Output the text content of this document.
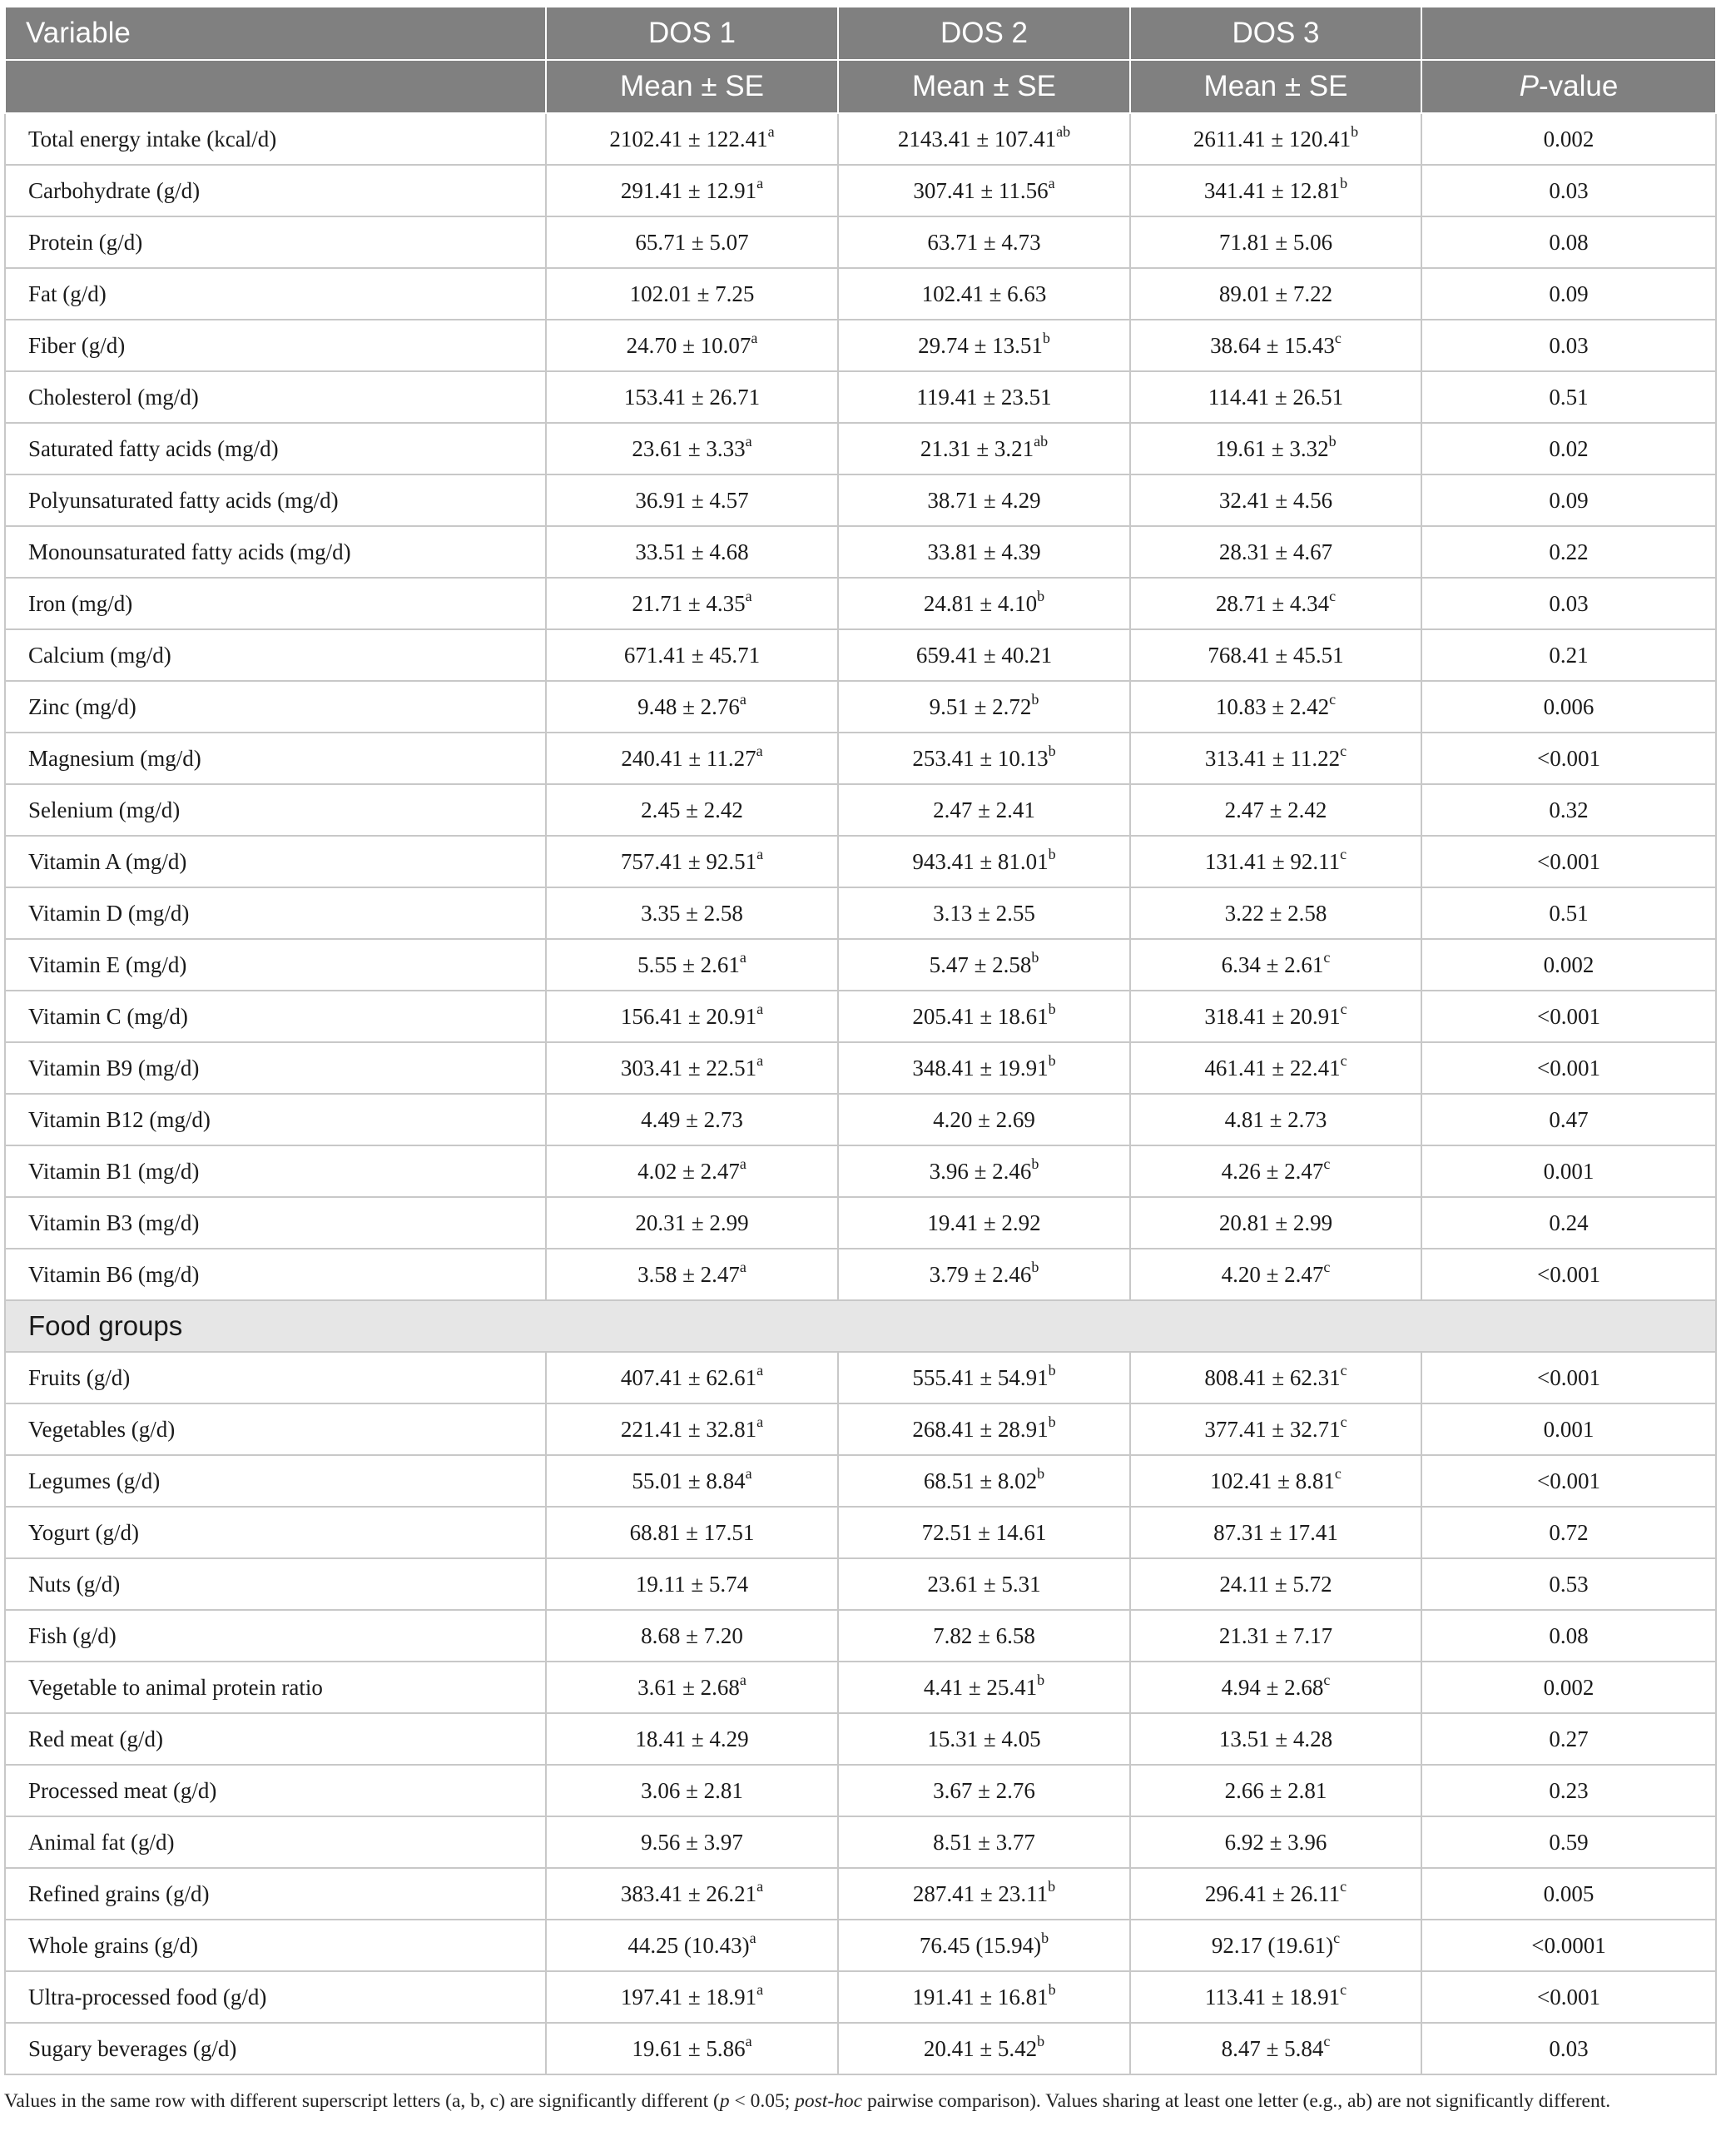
Variable	DOS 1	DOS 2	DOS 3	
	Mean ± SE	Mean ± SE	Mean ± SE	P-value
Total energy intake (kcal/d)	2102.41 ± 122.41$^a$	2143.41 ± 107.41$^{ab}$	2611.41 ± 120.41$^b$	0.002
Carbohydrate (g/d)	291.41 ± 12.91$^a$	307.41 ± 11.56$^a$	341.41 ± 12.81$^b$	0.03
Protein (g/d)	65.71 ± 5.07	63.71 ± 4.73	71.81 ± 5.06	0.08
Fat (g/d)	102.01 ± 7.25	102.41 ± 6.63	89.01 ± 7.22	0.09
Fiber (g/d)	24.70 ± 10.07$^a$	29.74 ± 13.51$^b$	38.64 ± 15.43$^c$	0.03
Cholesterol (mg/d)	153.41 ± 26.71	119.41 ± 23.51	114.41 ± 26.51	0.51
Saturated fatty acids (mg/d)	23.61 ± 3.33$^a$	21.31 ± 3.21$^{ab}$	19.61 ± 3.32$^b$	0.02
Polyunsaturated fatty acids (mg/d)	36.91 ± 4.57	38.71 ± 4.29	32.41 ± 4.56	0.09
Monounsaturated fatty acids (mg/d)	33.51 ± 4.68	33.81 ± 4.39	28.31 ± 4.67	0.22
Iron (mg/d)	21.71 ± 4.35$^a$	24.81 ± 4.10$^b$	28.71 ± 4.34$^c$	0.03
Calcium (mg/d)	671.41 ± 45.71	659.41 ± 40.21	768.41 ± 45.51	0.21
Zinc (mg/d)	9.48 ± 2.76$^a$	9.51 ± 2.72$^b$	10.83 ± 2.42$^c$	0.006
Magnesium (mg/d)	240.41 ± 11.27$^a$	253.41 ± 10.13$^b$	313.41 ± 11.22$^c$	<0.001
Selenium (mg/d)	2.45 ± 2.42	2.47 ± 2.41	2.47 ± 2.42	0.32
Vitamin A (mg/d)	757.41 ± 92.51$^a$	943.41 ± 81.01$^b$	131.41 ± 92.11$^c$	<0.001
Vitamin D (mg/d)	3.35 ± 2.58	3.13 ± 2.55	3.22 ± 2.58	0.51
Vitamin E (mg/d)	5.55 ± 2.61$^a$	5.47 ± 2.58$^b$	6.34 ± 2.61$^c$	0.002
Vitamin C (mg/d)	156.41 ± 20.91$^a$	205.41 ± 18.61$^b$	318.41 ± 20.91$^c$	<0.001
Vitamin B9 (mg/d)	303.41 ± 22.51$^a$	348.41 ± 19.91$^b$	461.41 ± 22.41$^c$	<0.001
Vitamin B12 (mg/d)	4.49 ± 2.73	4.20 ± 2.69	4.81 ± 2.73	0.47
Vitamin B1 (mg/d)	4.02 ± 2.47$^a$	3.96 ± 2.46$^b$	4.26 ± 2.47$^c$	0.001
Vitamin B3 (mg/d)	20.31 ± 2.99	19.41 ± 2.92	20.81 ± 2.99	0.24
Vitamin B6 (mg/d)	3.58 ± 2.47$^a$	3.79 ± 2.46$^b$	4.20 ± 2.47$^c$	<0.001
Food groups				
Fruits (g/d)	407.41 ± 62.61$^a$	555.41 ± 54.91$^b$	808.41 ± 62.31$^c$	<0.001
Vegetables (g/d)	221.41 ± 32.81$^a$	268.41 ± 28.91$^b$	377.41 ± 32.71$^c$	0.001
Legumes (g/d)	55.01 ± 8.84$^a$	68.51 ± 8.02$^b$	102.41 ± 8.81$^c$	<0.001
Yogurt (g/d)	68.81 ± 17.51	72.51 ± 14.61	87.31 ± 17.41	0.72
Nuts (g/d)	19.11 ± 5.74	23.61 ± 5.31	24.11 ± 5.72	0.53
Fish (g/d)	8.68 ± 7.20	7.82 ± 6.58	21.31 ± 7.17	0.08
Vegetable to animal protein ratio	3.61 ± 2.68$^a$	4.41 ± 25.41$^b$	4.94 ± 2.68$^c$	0.002
Red meat (g/d)	18.41 ± 4.29	15.31 ± 4.05	13.51 ± 4.28	0.27
Processed meat (g/d)	3.06 ± 2.81	3.67 ± 2.76	2.66 ± 2.81	0.23
Animal fat (g/d)	9.56 ± 3.97	8.51 ± 3.77	6.92 ± 3.96	0.59
Refined grains (g/d)	383.41 ± 26.21$^a$	287.41 ± 23.11$^b$	296.41 ± 26.11$^c$	0.005
Whole grains (g/d)	44.25 $(10.43)^a$	76.45 $(15.94)^b$	92.17 $(19.61)^c$	<0.0001
Ultra-processed food (g/d)	197.41 ± 18.91$^a$	191.41 ± 16.81$^b$	113.41 ± 18.91$^c$	<0.001
Sugary beverages (g/d)	19.61 ± 5.86$^a$	20.41 ± 5.42$^b$	8.47 ± 5.84$^c$	0.03
Values in the same row with different superscript letters (a, b, c) are significantly different (p < 0.05; post-hoc pairwise comparison). Values sharing at least one letter (e.g., ab) are not significantly different.
